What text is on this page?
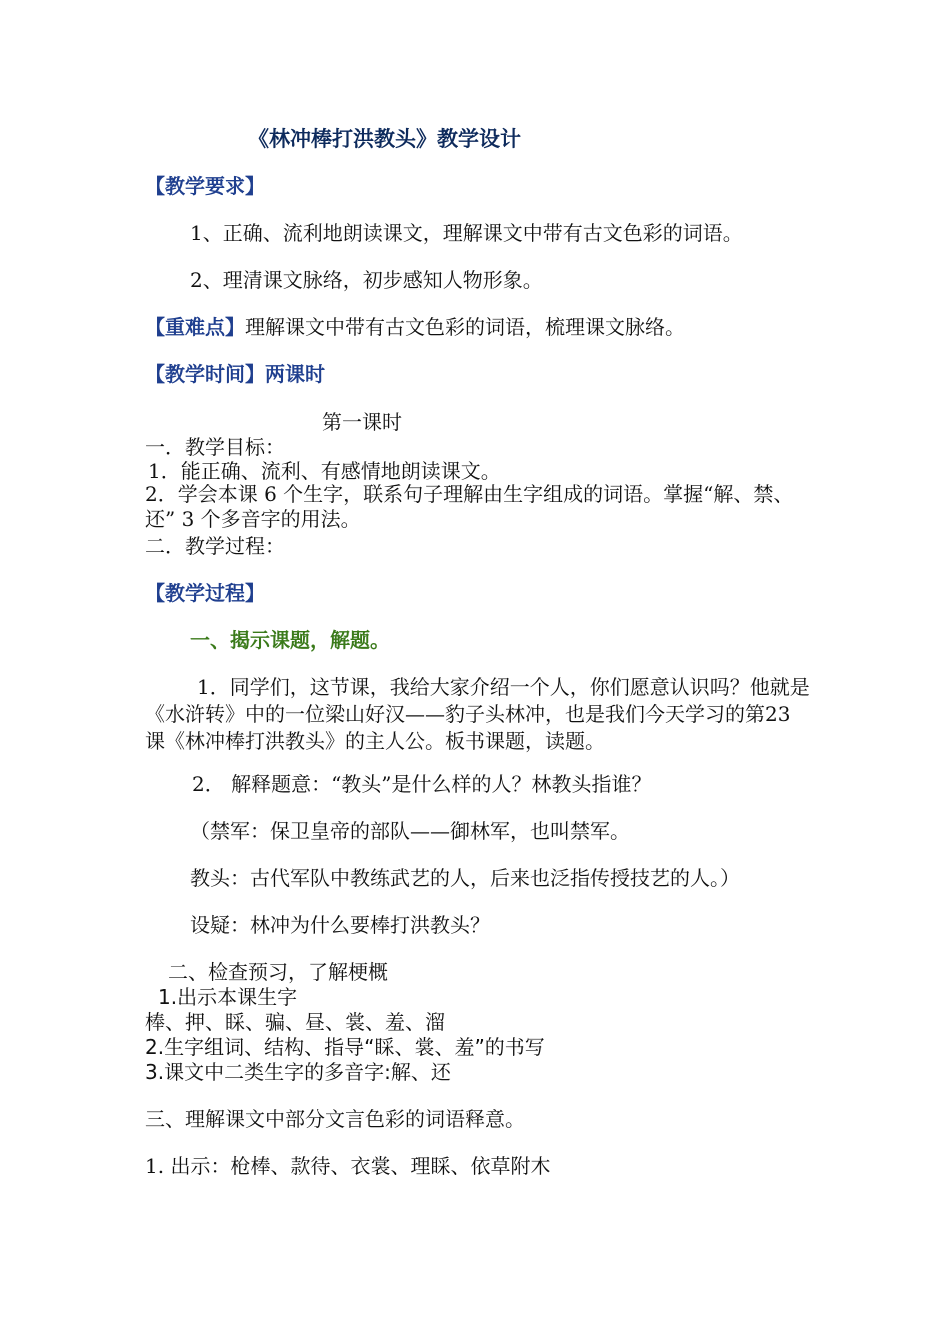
《林冲棒打洪教头》教学设计
【教学要求】
1、正确、流利地朗读课文，理解课文中带有古文色彩的词语。
2、理清课文脉络，初步感知人物形象。
【重难点】理解课文中带有古文色彩的词语，梳理课文脉络。
【教学时间】两课时
第一课时
一．教学目标：
1．能正确、流利、有感情地朗读课文。
2．学会本课 6 个生字，联系句子理解由生字组成的词语。掌握“解、禁、还” 3 个多音字的用法。
二．教学过程：
【教学过程】
一、揭示课题，解题。
1．同学们，这节课，我给大家介绍一个人，你们愿意认识吗？他就是《水浒转》中的一位梁山好汉——豹子头林冲，也是我们今天学习的第23课《林冲棒打洪教头》的主人公。板书课题，读题。
2． 解释题意：“教头”是什么样的人？林教头指谁？
（禁军：保卫皇帝的部队——御林军，也叫禁军。
教头：古代军队中教练武艺的人，后来也泛指传授技艺的人。）
设疑：林冲为什么要棒打洪教头？
二、检查预习，了解梗概
1.出示本课生字
棒、押、睬、骗、昼、裳、羞、溜
2.生字组词、结构、指导“睬、裳、羞”的书写
3.课文中二类生字的多音字:解、还
三、理解课文中部分文言色彩的词语释意。
1. 出示：枪棒、款待、衣裳、理睬、依草附木
